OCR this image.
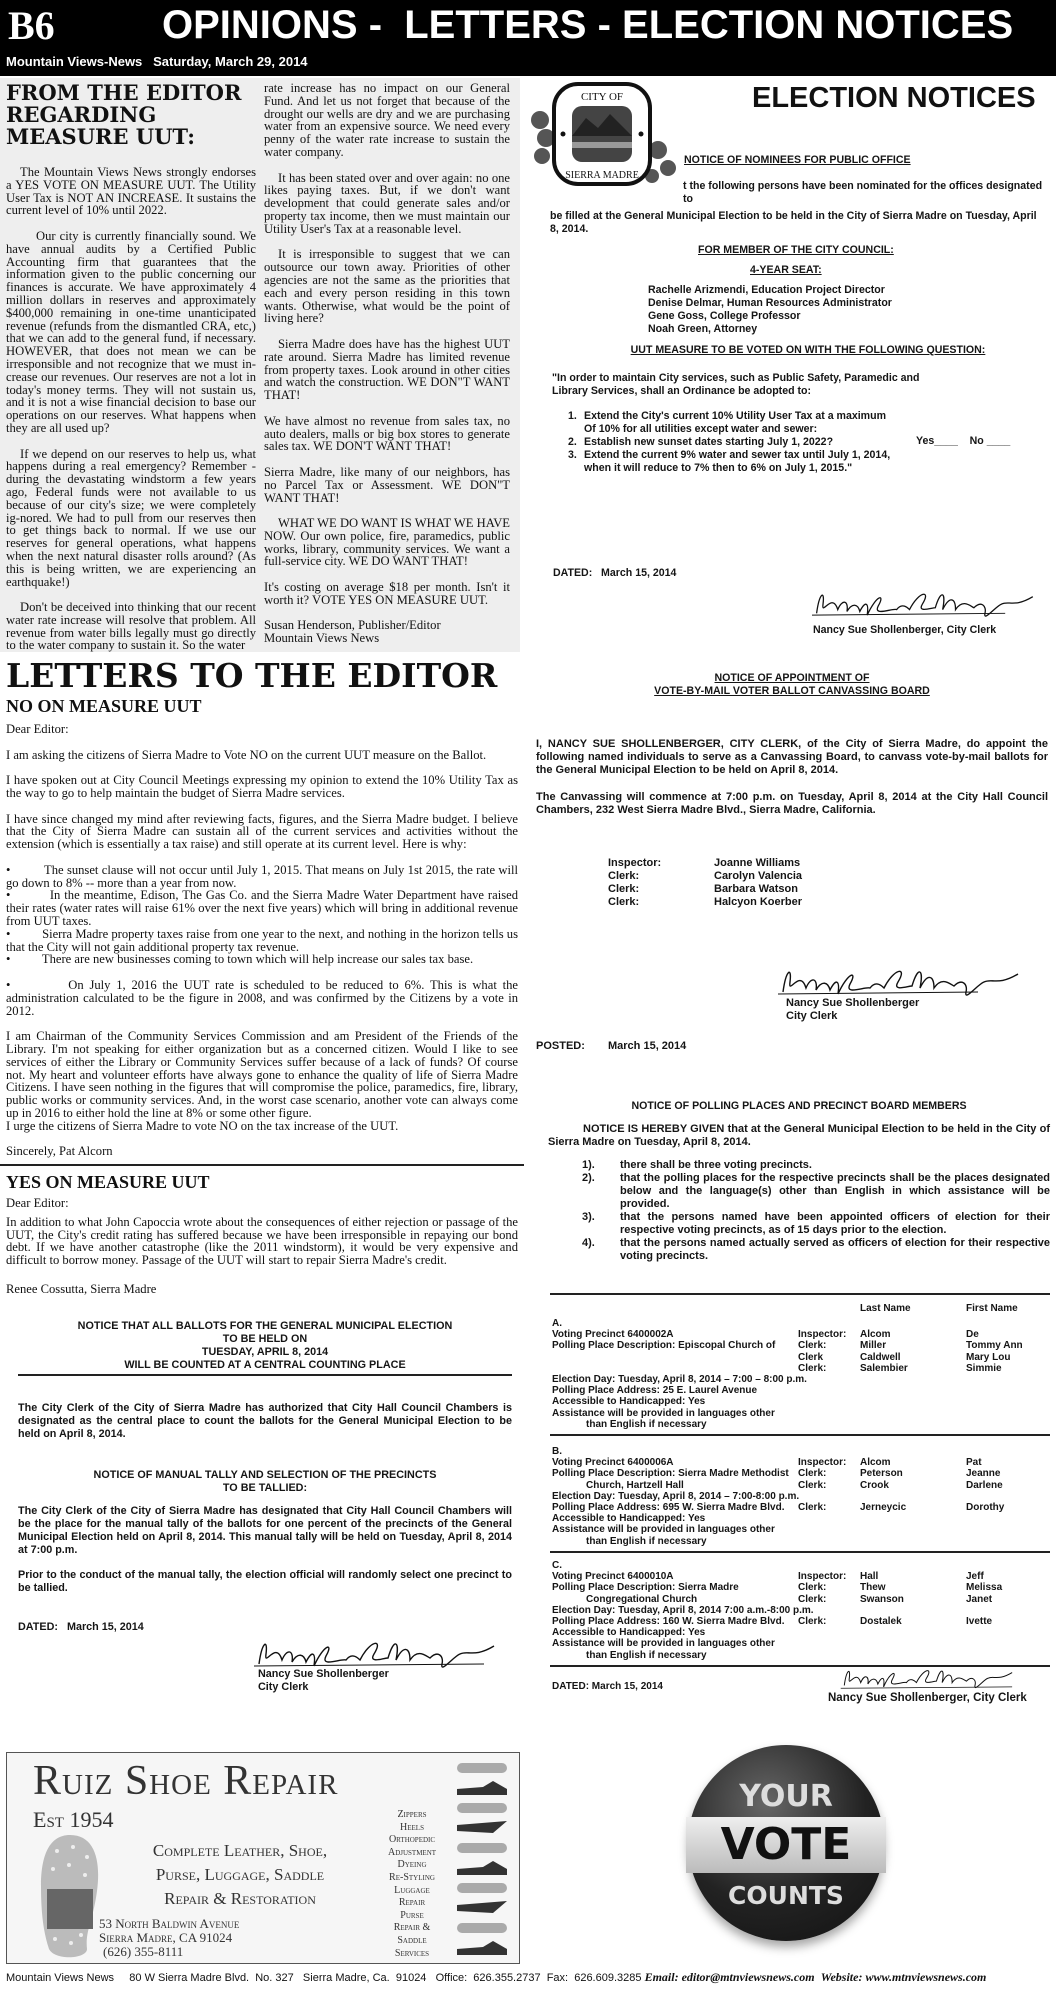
B6	OPINIONS -  LETTERS - ELECTION NOTICES
Mountain Views-News Saturday, March 29, 2014
FROM THE EDITOR
REGARDING
MEASURE UUT:

The Mountain Views News strongly endorses a YES VOTE ON MEASURE UUT. The Utility User Tax is NOT AN INCREASE. It sustains the current level of 10% until 2022.

Our city is currently financially sound. We have annual audits by a Certified Public Accounting firm that guarantees that the information given to the public concerning our finances is accurate. We have approximately 4 million dollars in reserves and approximately $400,000 remaining in one-time unanticipated revenue (refunds from the dismantled CRA, etc,) that we can add to the general fund, if necessary. HOWEVER, that does not mean we can be irresponsible and not recognize that we must in-crease our revenues. Our reserves are not a lot in today's money terms. They will not sustain us, and it is not a wise financial decision to base our operations on our reserves. What happens when they are all used up?

If we depend on our reserves to help us, what happens during a real emergency? Remember - during the devastating windstorm a few years ago, Federal funds were not available to us because of our city's size; we were completely ig-nored. We had to pull from our reserves then to get things back to normal. If we use our reserves for general operations, what happens when the next natural disaster rolls around? (As this is being written, we are experiencing an earthquake!)

Don't be deceived into thinking that our recent water rate increase will resolve that problem. All revenue from water bills legally must go directly to the water company to sustain it. So the water

rate increase has no impact on our General Fund. And let us not forget that because of the drought our wells are dry and we are purchasing water from an expensive source. We need every penny of the water rate increase to sustain the water company.

It has been stated over and over again: no one likes paying taxes. But, if we don't want development that could generate sales and/or property tax income, then we must maintain our Utility User's Tax at a reasonable level.

It is irresponsible to suggest that we can outsource our town away. Priorities of other agencies are not the same as the priorities that each and every person residing in this town wants. Otherwise, what would be the point of living here?

Sierra Madre does have has the highest UUT rate around. Sierra Madre has limited revenue from property taxes. Look around in other cities and watch the construction. WE DON"T WANT THAT!

We have almost no revenue from sales tax, no auto dealers, malls or big box stores to generate sales tax. WE DON'T WANT THAT!

Sierra Madre, like many of our neighbors, has no Parcel Tax or Assessment. WE DON"T WANT THAT!

WHAT WE DO WANT IS WHAT WE HAVE NOW. Our own police, fire, paramedics, public works, library, community services. We want a full-service city. WE DO WANT THAT!

It's costing on average $18 per month. Isn't it worth it? VOTE YES ON MEASURE UUT.

Susan Henderson, Publisher/Editor
Mountain Views News

LETTERS TO THE EDITOR
NO ON MEASURE UUT

Dear Editor:

I am asking the citizens of Sierra Madre to Vote NO on the current UUT measure on the Ballot.

I have spoken out at City Council Meetings expressing my opinion to extend the 10% Utility Tax as the way to go to help maintain the budget of Sierra Madre services.

I have since changed my mind after reviewing facts, figures, and the Sierra Madre budget. I believe that the City of Sierra Madre can sustain all of the current services and activities without the extension (which is essentially a tax raise) and still operate at its current level. Here is why:

•          The sunset clause will not occur until July 1, 2015. That means on July 1st 2015, the rate will go down to 8% -- more than a year from now.

•          In the meantime, Edison, The Gas Co. and the Sierra Madre Water Department have raised their rates (water rates will raise 61% over the next five years) which will bring in additional revenue from UUT taxes.

•          Sierra Madre property taxes raise from one year to the next, and nothing in the horizon tells us that the City will not gain additional property tax revenue.

•          There are new businesses coming to town which will help increase our sales tax base.

•          On July 1, 2016 the UUT rate is scheduled to be reduced to 6%. This is what the administration calculated to be the figure in 2008, and was confirmed by the Citizens by a vote in 2012.

I am Chairman of the Community Services Commission and am President of the Friends of the Library. I'm not speaking for either organization but as a concerned citizen. Would I like to see services of either the Library or Community Services suffer because of a lack of funds? Of course not. My heart and volunteer efforts have always gone to enhance the quality of life of Sierra Madre Citizens. I have seen nothing in the figures that will compromise the police, paramedics, fire, library, public works or community services. And, in the worst case scenario, another vote can always come up in 2016 to either hold the line at 8% or some other figure.

I urge the citizens of Sierra Madre to vote NO on the tax increase of the UUT.

Sincerely, Pat Alcorn

YES ON MEASURE UUT

Dear Editor:

In addition to what John Capoccia wrote about the consequences of either rejection or passage of the UUT, the City's credit rating has suffered because we have been irresponsible in repaying our bond debt. If we have another catastrophe (like the 2011 windstorm), it would be very expensive and difficult to borrow money. Passage of the UUT will start to repair Sierra Madre's credit.

Renee Cossutta, Sierra Madre

NOTICE THAT ALL BALLOTS FOR THE GENERAL MUNICIPAL ELECTION
TO BE HELD ON
TUESDAY, APRIL 8, 2014
WILL BE COUNTED AT A CENTRAL COUNTING PLACE
The City Clerk of the City of Sierra Madre has authorized that City Hall Council Chambers is designated as the central place to count the ballots for the General Municipal Election to be held on April 8, 2014.
NOTICE OF MANUAL TALLY AND SELECTION OF THE PRECINCTS
TO BE TALLIED:
The City Clerk of the City of Sierra Madre has designated that City Hall Council Chambers will be the place for the manual tally of the ballots for one percent of the precincts of the General Municipal Election held on April 8, 2014. This manual tally will be held on Tuesday, April 8, 2014 at 7:00 p.m.
Prior to the conduct of the manual tally, the election official will randomly select one precinct to be tallied.
DATED:   March 15, 2014
Nancy Sue Shollenberger
City Clerk
Ruiz Shoe Repair
Est 1954
Complete Leather, Shoe,
Purse, Luggage, Saddle
Repair & Restoration
53 North Baldwin Avenue
Sierra Madre, CA 91024
(626) 355-8111
Zippers
Heels
Orthopedic
Adjustment
Dyeing
Re-Styling
Luggage
Repair
Purse
Repair &
Saddle
Services
CITY OF
SIERRA MADRE
ELECTION NOTICES
NOTICE OF NOMINEES FOR PUBLIC OFFICE
t the following persons have been nominated for the offices designated to
be filled at the General Municipal Election to be held in the City of Sierra Madre on Tuesday, April 8, 2014.
FOR MEMBER OF THE CITY COUNCIL:
4-YEAR SEAT:
Rachelle Arizmendi, Education Project Director
Denise Delmar, Human Resources Administrator
Gene Goss, College Professor
Noah Green, Attorney
UUT MEASURE TO BE VOTED ON WITH THE FOLLOWING QUESTION:
"In order to maintain City services, such as Public Safety, Paramedic and Library Services, shall an Ordinance be adopted to:
1. Extend the City's current 10% Utility User Tax at a maximum Of 10% for all utilities except water and sewer:
2. Establish new sunset dates starting July 1, 2022?
3. Extend the current 9% water and sewer tax until July 1, 2014, when it will reduce to 7% then to 6% on July 1, 2015."
Yes____ No ____
DATED:   March 15, 2014
Nancy Sue Shollenberger, City Clerk
NOTICE OF APPOINTMENT OF
VOTE-BY-MAIL VOTER BALLOT CANVASSING BOARD
I, NANCY SUE SHOLLENBERGER, CITY CLERK, of the City of Sierra Madre, do appoint the following named individuals to serve as a Canvassing Board, to canvass vote-by-mail ballots for the General Municipal Election to be held on April 8, 2014.
The Canvassing will commence at 7:00 p.m. on Tuesday, April 8, 2014 at the City Hall Council Chambers, 232 West Sierra Madre Blvd., Sierra Madre, California.
Inspector:	Joanne Williams
Clerk:	Carolyn Valencia
Clerk:	Barbara Watson
Clerk:	Halcyon Koerber
Nancy Sue Shollenberger
City Clerk
POSTED: March 15, 2014
NOTICE OF POLLING PLACES AND PRECINCT BOARD MEMBERS
NOTICE IS HEREBY GIVEN that at the General Municipal Election to be held in the City of Sierra Madre on Tuesday, April 8, 2014.
1).	there shall be three voting precincts.
2).	that the polling places for the respective precincts shall be the places designated below and the language(s) other than English in which assistance will be provided.
3).	that the persons named have been appointed officers of election for their respective voting precincts, as of 15 days prior to the election.
4).	that the persons named actually served as officers of election for their respective voting precincts.
Last Name	First Name
A.
Voting Precinct 6400002A
Polling Place Description: Episcopal Church of
Election Day: Tuesday, April 8, 2014 – 7:00 – 8:00 p.m.
Polling Place Address: 25 E. Laurel Avenue
Accessible to Handicapped: Yes
Assistance will be provided in languages other
than English if necessary
Inspector:	Alcom	De
Clerk:	Miller	Tommy Ann
Clerk	Caldwell	Mary Lou
Clerk:	Salembier	Simmie
B.
Voting Precinct 6400006A
Polling Place Description: Sierra Madre Methodist
Church, Hartzell Hall
Election Day: Tuesday, April 8, 2014 – 7:00-8:00 p.m.
Polling Place Address: 695 W. Sierra Madre Blvd.
Accessible to Handicapped: Yes
Assistance will be provided in languages other
than English if necessary
Inspector:	Alcom	Pat
Clerk:	Peterson	Jeanne
Clerk:	Crook	Darlene
Clerk:	Jerneycic	Dorothy
C.
Voting Precinct 6400010A
Polling Place Description: Sierra Madre
Congregational Church
Election Day: Tuesday, April 8, 2014 7:00 a.m.-8:00 p.m.
Polling Place Address: 160 W. Sierra Madre Blvd.
Accessible to Handicapped: Yes
Assistance will be provided in languages other
than English if necessary
Inspector:	Hall	Jeff
Clerk:	Thew	Melissa
Clerk:	Swanson	Janet
Clerk:	Dostalek	Ivette
DATED: March 15, 2014
Nancy Sue Shollenberger, City Clerk
YOUR
VOTE
COUNTS
Mountain Views News     80 W Sierra Madre Blvd.  No. 327   Sierra Madre, Ca.  91024   Office:  626.355.2737  Fax:  626.609.3285 Email: editor@mtnviewsnews.com Website: www.mtnviewsnews.com
